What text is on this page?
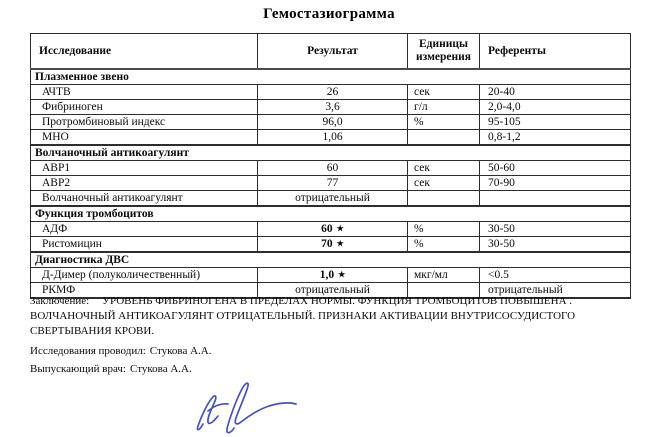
Гемостазиограмма
Исследование	Результат	Единицы измерения	Референты
Плазменное звено			
АЧТВ	26	сек	20-40
Фибриноген	3,6	г/л	2,0-4,0
Протромбиновый индекс	96,0	%	95-105
МНО	1,06		0,8-1,2
Волчаночный антикоагулянт			
АВР1	60	сек	50-60
АВР2	77	сек	70-90
Волчаночный антикоагулянт	отрицательный		
Функция тромбоцитов			
АДФ	60 ★	%	30-50
Ристомицин	70 ★	%	30-50
Диагностика ДВС			
Д-Димер (полуколичественный)	1,0 ★	мкг/мл	<0.5
РКМФ	отрицательный		отрицательный
Заключение: УРОВЕНЬ ФИБРИНОГЕНА В ПРЕДЕЛАХ НОРМЫ. ФУНКЦИЯ ТРОМБОЦИТОВ ПОВЫШЕНА .
ВОЛЧАНОЧНЫЙ АНТИКОАГУЛЯНТ ОТРИЦАТЕЛЬНЫЙ. ПРИЗНАКИ АКТИВАЦИИ ВНУТРИСОСУДИСТОГО
СВЕРТЫВАНИЯ КРОВИ.
Исследования проводил: Стукова А.А.
Выпускающий врач: Стукова А.А.
